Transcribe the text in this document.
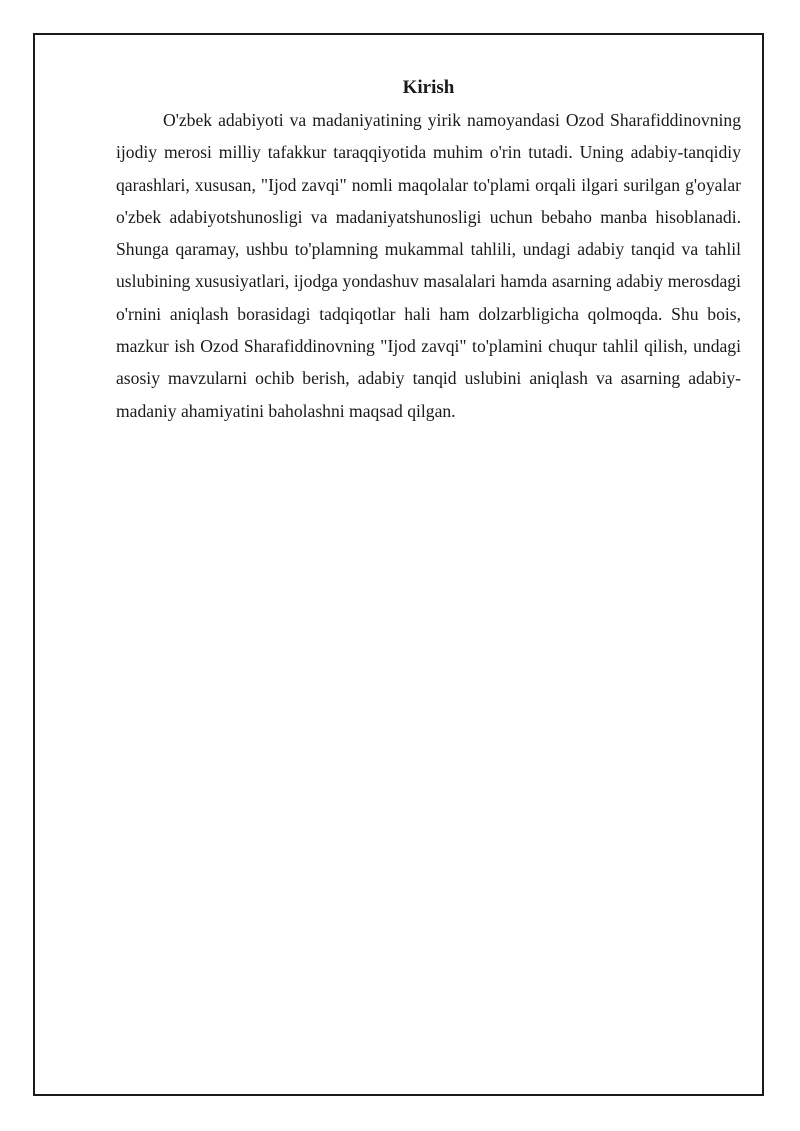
Kirish

O'zbek adabiyoti va madaniyatining yirik namoyandasi Ozod Sharafiddinovning ijodiy merosi milliy tafakkur taraqqiyotida muhim o'rin tutadi. Uning adabiy-tanqidiy qarashlari, xususan, "Ijod zavqi" nomli maqolalar to'plami orqali ilgari surilgan g'oyalar o'zbek adabiyotshunosligi va madaniyatshunosligi uchun bebaho manba hisoblanadi. Shunga qaramay, ushbu to'plamning mukammal tahlili, undagi adabiy tanqid va tahlil uslubining xususiyatlari, ijodga yondashuv masalalari hamda asarning adabiy merosdagi o'rnini aniqlash borasidagi tadqiqotlar hali ham dolzarbligicha qolmoqda. Shu bois, mazkur ish Ozod Sharafiddinovning "Ijod zavqi" to'plamini chuqur tahlil qilish, undagi asosiy mavzularni ochib berish, adabiy tanqid uslubini aniqlash va asarning adabiy-madaniy ahamiyatini baholashni maqsad qilgan.
